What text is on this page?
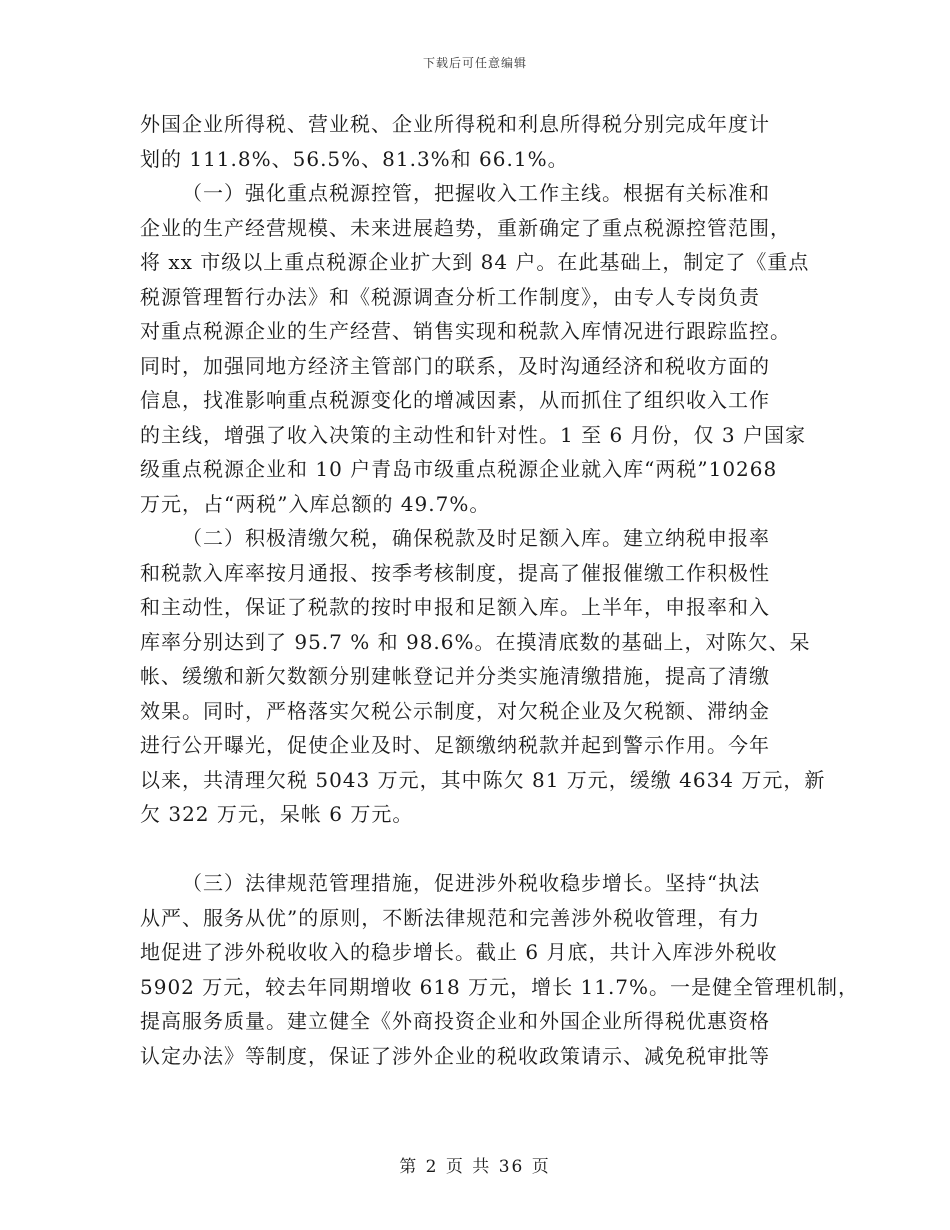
下载后可任意编辑
外国企业所得税、营业税、企业所得税和利息所得税分别完成年度计
划的 111.8%、56.5%、81.3%和 66.1%。
（一）强化重点税源控管，把握收入工作主线。根据有关标准和
企业的生产经营规模、未来进展趋势，重新确定了重点税源控管范围，
将 xx 市级以上重点税源企业扩大到 84 户。在此基础上，制定了《重点
税源管理暂行办法》和《税源调查分析工作制度》，由专人专岗负责
对重点税源企业的生产经营、销售实现和税款入库情况进行跟踪监控。
同时，加强同地方经济主管部门的联系，及时沟通经济和税收方面的
信息，找准影响重点税源变化的增减因素，从而抓住了组织收入工作
的主线，增强了收入决策的主动性和针对性。1 至 6 月份，仅 3 户国家
级重点税源企业和 10 户青岛市级重点税源企业就入库“两税”10268
万元，占“两税”入库总额的 49.7%。
（二）积极清缴欠税，确保税款及时足额入库。建立纳税申报率
和税款入库率按月通报、按季考核制度，提高了催报催缴工作积极性
和主动性，保证了税款的按时申报和足额入库。上半年，申报率和入
库率分别达到了 95.7 % 和 98.6%。在摸清底数的基础上，对陈欠、呆
帐、缓缴和新欠数额分别建帐登记并分类实施清缴措施，提高了清缴
效果。同时，严格落实欠税公示制度，对欠税企业及欠税额、滞纳金
进行公开曝光，促使企业及时、足额缴纳税款并起到警示作用。今年
以来，共清理欠税 5043 万元，其中陈欠 81 万元，缓缴 4634 万元，新
欠 322 万元，呆帐 6 万元。
（三）法律规范管理措施，促进涉外税收稳步增长。坚持“执法
从严、服务从优”的原则，不断法律规范和完善涉外税收管理，有力
地促进了涉外税收收入的稳步增长。截止 6 月底，共计入库涉外税收
5902 万元，较去年同期增收 618 万元，增长 11.7%。一是健全管理机制，
提高服务质量。建立健全《外商投资企业和外国企业所得税优惠资格
认定办法》等制度，保证了涉外企业的税收政策请示、减免税审批等
第 2 页 共 36 页
